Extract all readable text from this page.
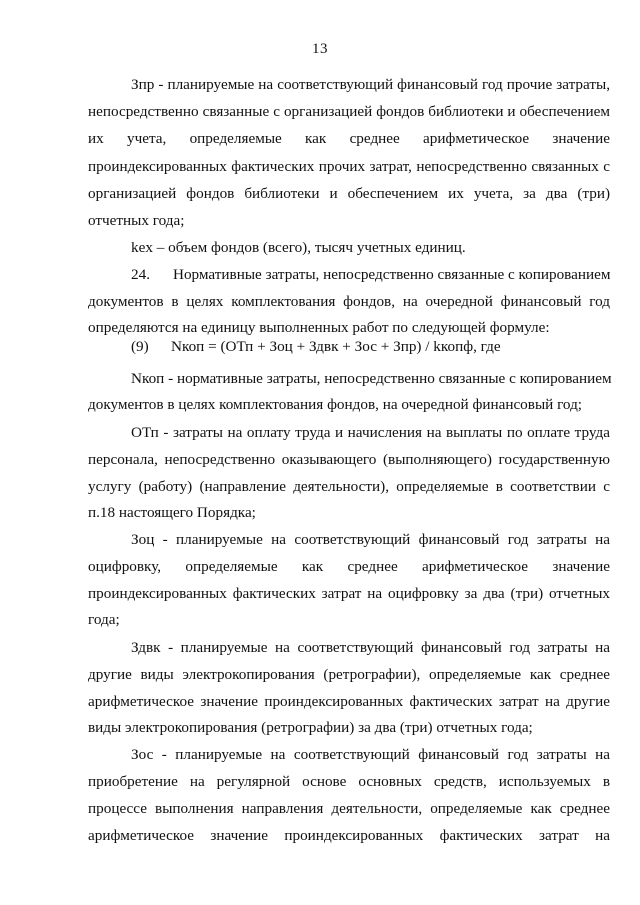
13
Зпр - планируемые на соответствующий финансовый год прочие затраты,
непосредственно связанные с организацией фондов библиотеки и обеспечением
их учета, определяемые как среднее арифметическое значение
проиндексированных фактических прочих затрат, непосредственно связанных с
организацией фондов библиотеки и обеспечением их учета, за два (три)
отчетных года;
kex – объем фондов (всего), тысяч учетных единиц.
24. Нормативные затраты, непосредственно связанные с копированием
документов в целях комплектования фондов, на очередной финансовый год
определяются на единицу выполненных работ по следующей формуле:
(9) Nкоп = (ОТп + Зоц + Здвк + Зос + Зпр) / kкопф, где
Nкоп - нормативные затраты, непосредственно связанные с копированием
документов в целях комплектования фондов, на очередной финансовый год;
ОТп - затраты на оплату труда и начисления на выплаты по оплате труда
персонала, непосредственно оказывающего (выполняющего) государственную
услугу (работу) (направление деятельности), определяемые в соответствии с
п.18 настоящего Порядка;
Зоц - планируемые на соответствующий финансовый год затраты на
оцифровку, определяемые как среднее арифметическое значение
проиндексированных фактических затрат на оцифровку за два (три) отчетных
года;
Здвк - планируемые на соответствующий финансовый год затраты на
другие виды электрокопирования (ретрографии), определяемые как среднее
арифметическое значение проиндексированных фактических затрат на другие
виды электрокопирования (ретрографии) за два (три) отчетных года;
Зос - планируемые на соответствующий финансовый год затраты на
приобретение на регулярной основе основных средств, используемых в
процессе выполнения направления деятельности, определяемые как среднее
арифметическое значение проиндексированных фактических затрат на
